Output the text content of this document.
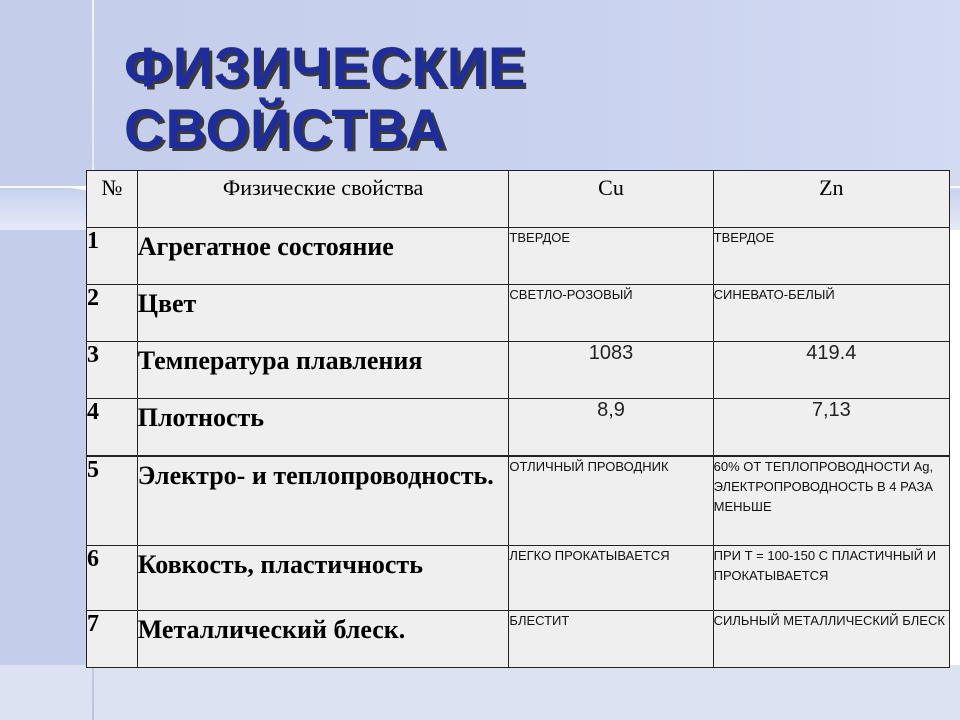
ФИЗИЧЕСКИЕ
СВОЙСТВА
№	Физические свойства	Cu	Zn
1	Агрегатное состояние	ТВЕРДОЕ	ТВЕРДОЕ
2	Цвет	СВЕТЛО-РОЗОВЫЙ	СИНЕВАТО-БЕЛЫЙ
3	Температура плавления	1083	419.4
4	Плотность	8,9	7,13
5	Электро- и теплопроводность.	ОТЛИЧНЫЙ ПРОВОДНИК	60% ОТ ТЕПЛОПРОВОДНОСТИ Ag, ЭЛЕКТРОПРОВОДНОСТЬ В 4 РАЗА МЕНЬШЕ
6	Ковкость, пластичность	ЛЕГКО ПРОКАТЫВАЕТСЯ	ПРИ Т = 100-150 С ПЛАСТИЧНЫЙ И ПРОКАТЫВАЕТСЯ
7	Металлический блеск.	БЛЕСТИТ	СИЛЬНЫЙ МЕТАЛЛИЧЕСКИЙ БЛЕСК
